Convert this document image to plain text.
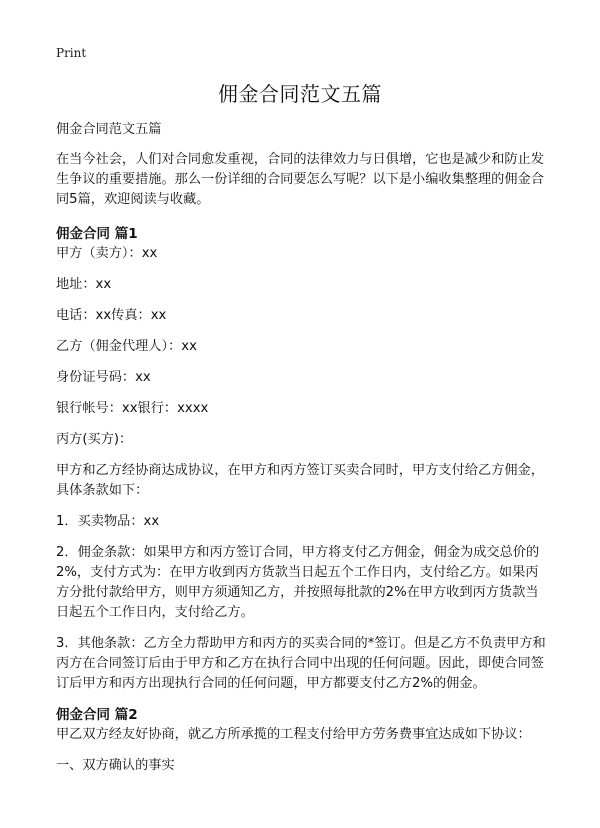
Print
佣金合同范文五篇

佣金合同范文五篇

在当今社会，人们对合同愈发重视，合同的法律效力与日俱增，它也是减少和防止发生争议的重要措施。那么一份详细的合同要怎么写呢？以下是小编收集整理的佣金合同5篇，欢迎阅读与收藏。

佣金合同 篇1

甲方（卖方）：xx

地址：xx

电话：xx传真：xx

乙方（佣金代理人）：xx

身份证号码：xx

银行帐号：xx银行：xxxx

丙方(买方)：

甲方和乙方经协商达成协议，在甲方和丙方签订买卖合同时，甲方支付给乙方佣金，具体条款如下：

1．买卖物品：xx

2．佣金条款：如果甲方和丙方签订合同，甲方将支付乙方佣金，佣金为成交总价的2%，支付方式为：在甲方收到丙方货款当日起五个工作日内，支付给乙方。如果丙方分批付款给甲方，则甲方须通知乙方，并按照每批款的2%在甲方收到丙方货款当日起五个工作日内，支付给乙方。

3．其他条款：乙方全力帮助甲方和丙方的买卖合同的*签订。但是乙方不负责甲方和丙方在合同签订后由于甲方和乙方在执行合同中出现的任何问题。因此，即使合同签订后甲方和丙方出现执行合同的任何问题，甲方都要支付乙方2%的佣金。

佣金合同 篇2

甲乙双方经友好协商，就乙方所承揽的工程支付给甲方劳务费事宜达成如下协议：

一、双方确认的事实
